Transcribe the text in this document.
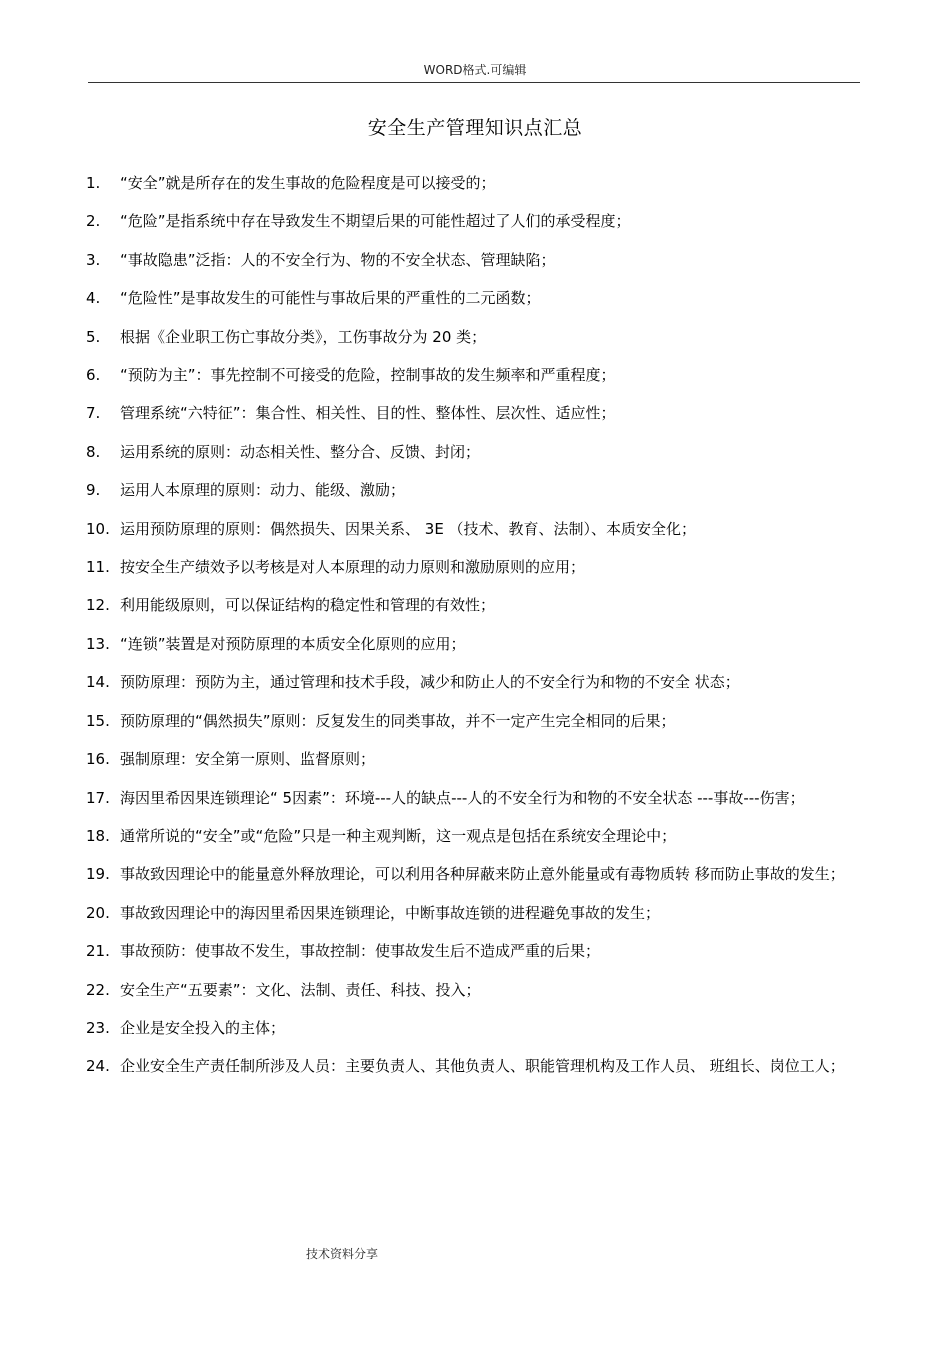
WORD格式.可编辑
安全生产管理知识点汇总
1.	“安全”就是所存在的发生事故的危险程度是可以接受的；
2.	“危险”是指系统中存在导致发生不期望后果的可能性超过了人们的承受程度；
3.	“事故隐患”泛指：人的不安全行为、物的不安全状态、管理缺陷；
4.	“危险性”是事故发生的可能性与事故后果的严重性的二元函数；
5.	根据《企业职工伤亡事故分类》，工伤事故分为 20 类；
6.	“预防为主”：事先控制不可接受的危险，控制事故的发生频率和严重程度；
7.	管理系统“六特征”：集合性、相关性、目的性、整体性、层次性、适应性；
8.	运用系统的原则：动态相关性、整分合、反馈、封闭；
9.	运用人本原理的原则：动力、能级、激励；
10. 运用预防原理的原则：偶然损失、因果关系、 3E （技术、教育、法制）、本质安全化；
11. 按安全生产绩效予以考核是对人本原理的动力原则和激励原则的应用；
12. 利用能级原则，可以保证结构的稳定性和管理的有效性；
13. “连锁”装置是对预防原理的本质安全化原则的应用；
14. 预防原理：预防为主，通过管理和技术手段，减少和防止人的不安全行为和物的不安全 状态；
15. 预防原理的“偶然损失”原则：反复发生的同类事故，并不一定产生完全相同的后果；
16. 强制原理：安全第一原则、监督原则；
17. 海因里希因果连锁理论“ 5因素”：环境---人的缺点---人的不安全行为和物的不安全状态 ---事故---伤害；
18. 通常所说的“安全”或“危险”只是一种主观判断，这一观点是包括在系统安全理论中；
19. 事故致因理论中的能量意外释放理论，可以利用各种屏蔽来防止意外能量或有毒物质转 移而防止事故的发生；
20. 事故致因理论中的海因里希因果连锁理论，中断事故连锁的进程避免事故的发生；
21. 事故预防：使事故不发生，事故控制：使事故发生后不造成严重的后果；
22. 安全生产“五要素”：文化、法制、责任、科技、投入；
23. 企业是安全投入的主体；
24. 企业安全生产责任制所涉及人员：主要负责人、其他负责人、职能管理机构及工作人员、 班组长、岗位工人；
技术资料分享
